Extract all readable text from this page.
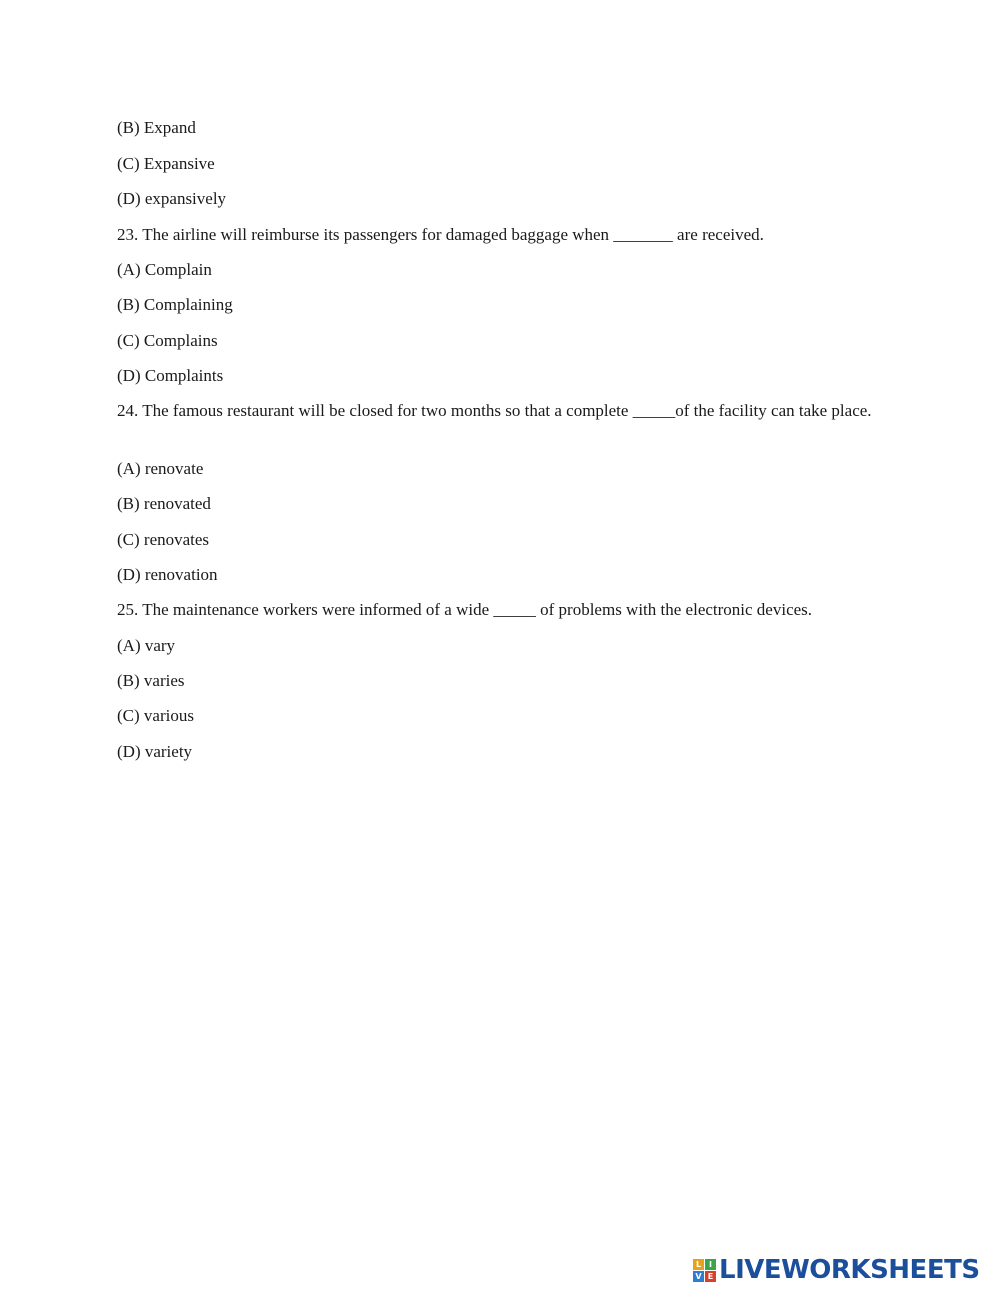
(B) Expand
(C) Expansive
(D) expansively
23. The airline will reimburse its passengers for damaged baggage when _______ are received.
(A) Complain
(B) Complaining
(C) Complains
(D) Complaints
24. The famous restaurant will be closed for two months so that a complete _____of the facility can take place.
(A) renovate
(B) renovated
(C) renovates
(D) renovation
25. The maintenance workers were informed of a wide _____ of problems with the electronic devices.
(A) vary
(B) varies
(C) various
(D) variety
L I
V E LIVEWORKSHEETS
